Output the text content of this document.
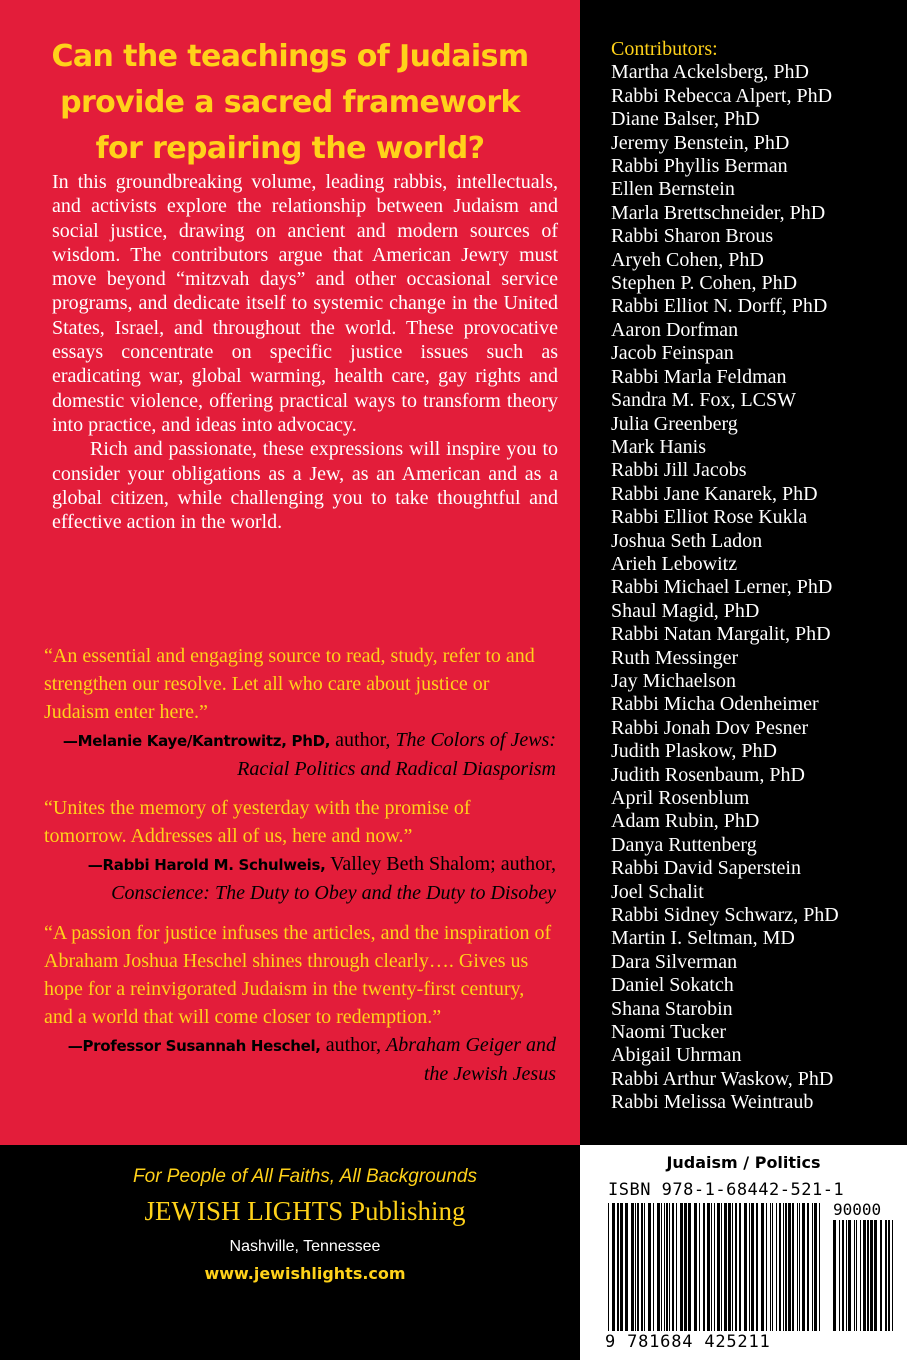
Can the teachings of Judaism
provide a sacred framework
for repairing the world?

In this groundbreaking volume, leading rabbis, intellectuals, and activists explore the relationship between Judaism and social justice, drawing on ancient and modern sources of wisdom. The contributors argue that American Jewry must move beyond “mitzvah days” and other occasional service programs, and dedicate itself to systemic change in the United States, Israel, and throughout the world. These provocative essays concentrate on specific justice issues such as eradicating war, global warming, health care, gay rights and domestic violence, offering practical ways to transform theory into practice, and ideas into advocacy.

Rich and passionate, these expressions will inspire you to consider your obligations as a Jew, as an American and as a global citizen, while challenging you to take thoughtful and effective action in the world.

“An essential and engaging source to read, study, refer to and strengthen our resolve. Let all who care about justice or Judaism enter here.”

—Melanie Kaye/Kantrowitz, PhD, author, The Colors of Jews: Racial Politics and Radical Diasporism

“Unites the memory of yesterday with the promise of tomorrow. Addresses all of us, here and now.”

—Rabbi Harold M. Schulweis, Valley Beth Shalom; author, Conscience: The Duty to Obey and the Duty to Disobey

“A passion for justice infuses the articles, and the inspiration of Abraham Joshua Heschel shines through clearly…. Gives us hope for a reinvigorated Judaism in the twenty-first century, and a world that will come closer to redemption.”

—Professor Susannah Heschel, author, Abraham Geiger and the Jewish Jesus

Contributors:

Martha Ackelsberg, PhD
Rabbi Rebecca Alpert, PhD
Diane Balser, PhD
Jeremy Benstein, PhD
Rabbi Phyllis Berman
Ellen Bernstein
Marla Brettschneider, PhD
Rabbi Sharon Brous
Aryeh Cohen, PhD
Stephen P. Cohen, PhD
Rabbi Elliot N. Dorff, PhD
Aaron Dorfman
Jacob Feinspan
Rabbi Marla Feldman
Sandra M. Fox, LCSW
Julia Greenberg
Mark Hanis
Rabbi Jill Jacobs
Rabbi Jane Kanarek, PhD
Rabbi Elliot Rose Kukla
Joshua Seth Ladon
Arieh Lebowitz
Rabbi Michael Lerner, PhD
Shaul Magid, PhD
Rabbi Natan Margalit, PhD
Ruth Messinger
Jay Michaelson
Rabbi Micha Odenheimer
Rabbi Jonah Dov Pesner
Judith Plaskow, PhD
Judith Rosenbaum, PhD
April Rosenblum
Adam Rubin, PhD
Danya Ruttenberg
Rabbi David Saperstein
Joel Schalit
Rabbi Sidney Schwarz, PhD
Martin I. Seltman, MD
Dara Silverman
Daniel Sokatch
Shana Starobin
Naomi Tucker
Abigail Uhrman
Rabbi Arthur Waskow, PhD
Rabbi Melissa Weintraub
For People of All Faiths, All Backgrounds
JEWISH LIGHTS Publishing
Nashville, Tennessee
www.jewishlights.com

Judaism / Politics

ISBN 978-1-68442-521-1

90000

9 781684 425211
